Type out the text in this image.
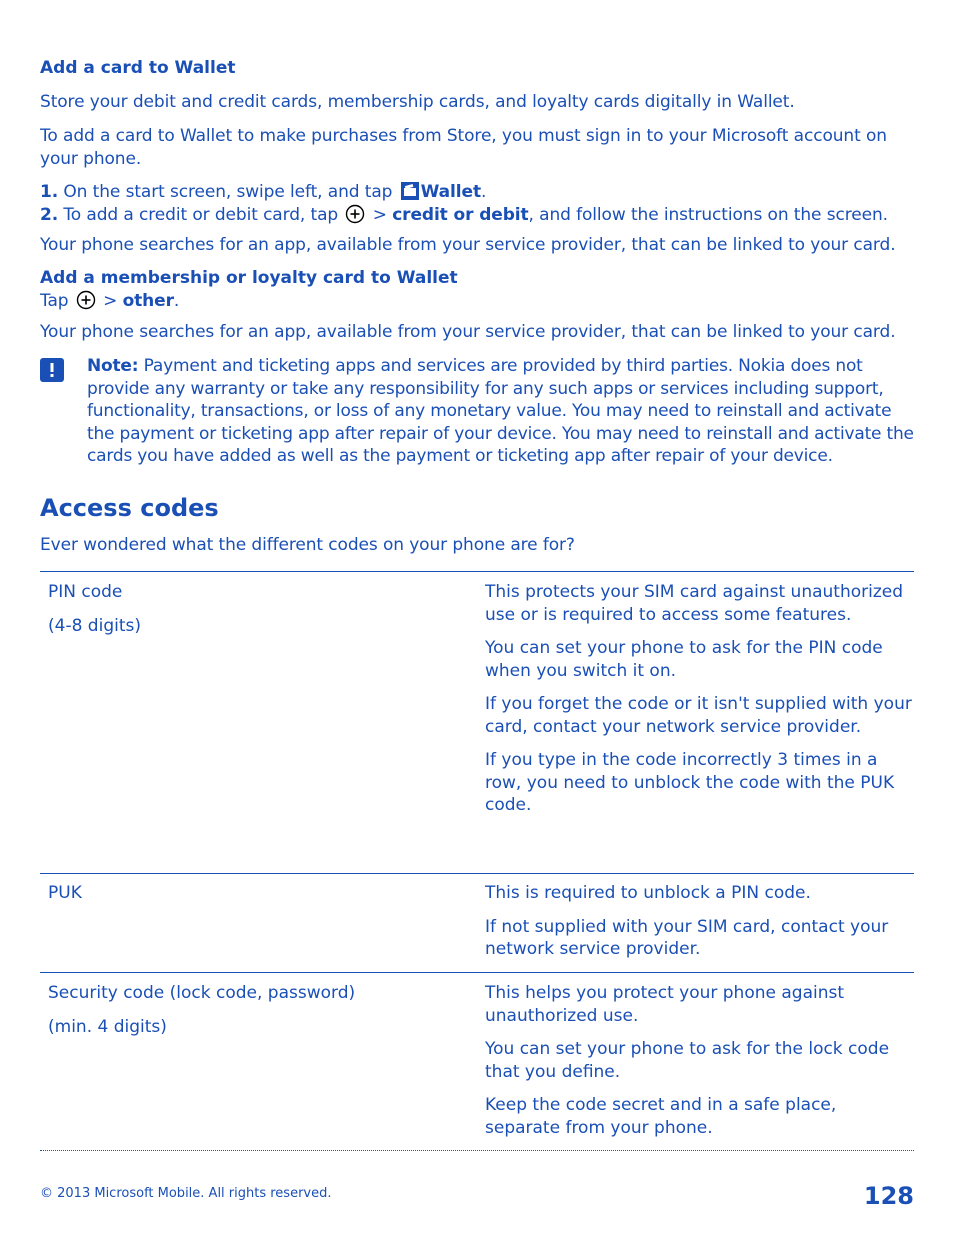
Add a card to Wallet
Store your debit and credit cards, membership cards, and loyalty cards digitally in Wallet.
To add a card to Wallet to make purchases from Store, you must sign in to your Microsoft account on your phone.
1. On the start screen, swipe left, and tap Wallet.
2. To add a credit or debit card, tap > credit or debit, and follow the instructions on the screen.
Your phone searches for an app, available from your service provider, that can be linked to your card.
Add a membership or loyalty card to Wallet
Tap > other.
Your phone searches for an app, available from your service provider, that can be linked to your card.
Note: Payment and ticketing apps and services are provided by third parties. Nokia does not provide any warranty or take any responsibility for any such apps or services including support, functionality, transactions, or loss of any monetary value. You may need to reinstall and activate the payment or ticketing app after repair of your device. You may need to reinstall and activate the cards you have added as well as the payment or ticketing app after repair of your device.
Access codes
Ever wondered what the different codes on your phone are for?
PIN code
(4-8 digits)
This protects your SIM card against unauthorized use or is required to access some features.
You can set your phone to ask for the PIN code when you switch it on.
If you forget the code or it isn't supplied with your card, contact your network service provider.
If you type in the code incorrectly 3 times in a row, you need to unblock the code with the PUK code.
PUK	This is required to unblock a PIN code.
If not supplied with your SIM card, contact your network service provider.
Security code (lock code, password)
(min. 4 digits)
This helps you protect your phone against unauthorized use.
You can set your phone to ask for the lock code that you define.
Keep the code secret and in a safe place, separate from your phone.
© 2013 Microsoft Mobile. All rights reserved.	128
